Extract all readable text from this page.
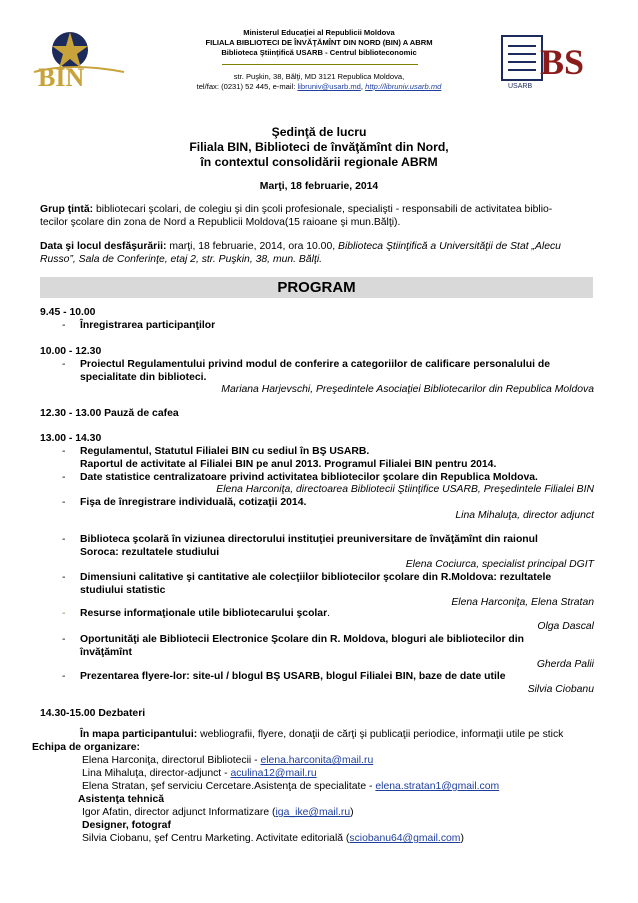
BIN
Ministerul Educaţiei al Republicii Moldova
FILIALA BIBLIOTECI DE ÎNVĂŢĂMÎNT DIN NORD (BIN) A ABRM
Biblioteca Ştiinţifică USARB - Centrul biblioteconomic
str. Puşkin, 38, Bălţi, MD 3121 Republica Moldova,
tel/fax: (0231) 52 445, e-mail: libruniv@usarb.md, http://libruniv.usarb.md
BS
USARB
Şedinţă de lucru
Filiala BIN, Biblioteci de învăţămînt din Nord,
în contextul consolidării regionale ABRM
Marţi, 18 februarie, 2014
Grup ţintă: bibliotecari şcolari, de colegiu şi din şcoli profesionale, specialişti - responsabili de activitatea biblio-
tecilor şcolare din zona de Nord a Republicii Moldova(15 raioane şi mun.Bălţi).
Data şi locul desfăşurării: marţi, 18 februarie, 2014, ora 10.00, Biblioteca Ştiinţifică a Universităţii de Stat „Alecu
Russo”, Sala de Conferinţe, etaj 2, str. Puşkin, 38, mun. Bălţi.
PROGRAM
9.45 - 10.00
- Înregistrarea participanţilor
10.00 - 12.30
- Proiectul Regulamentului privind modul de conferire a categoriilor de calificare personalului de
specialitate din biblioteci.
Mariana Harjevschi, Preşedintele Asociaţiei Bibliotecarilor din Republica Moldova
12.30 - 13.00 Pauză de cafea
13.00 - 14.30
- Regulamentul, Statutul Filialei BIN cu sediul în BŞ USARB.
Raportul de activitate al Filialei BIN pe anul 2013. Programul Filialei BIN pentru 2014.
- Date statistice centralizatoare privind activitatea bibliotecilor şcolare din Republica Moldova.
Elena Harconiţa, directoarea Bibliotecii Ştiinţifice USARB, Preşedintele Filialei BIN
- Fişa de înregistrare individuală, cotizaţii 2014.
Lina Mihaluţa, director adjunct
- Biblioteca şcolară în viziunea directorului instituţiei preuniversitare de învăţămînt din raionul
Soroca: rezultatele studiului
Elena Cociurca, specialist principal DGIT
- Dimensiuni calitative şi cantitative ale colecţiilor bibliotecilor şcolare din R.Moldova: rezultatele
studiului statistic
Elena Harconiţa, Elena Stratan
- Resurse informaţionale utile bibliotecarului şcolar.
Olga Dascal
- Oportunităţi ale Bibliotecii Electronice Şcolare din R. Moldova, bloguri ale bibliotecilor din
învăţămînt
Gherda Palii
- Prezentarea flyere-lor: site-ul / blogul BŞ USARB, blogul Filialei BIN, baze de date utile
Silvia Ciobanu
14.30-15.00 Dezbateri
În mapa participantului: webliografii, flyere, donaţii de cărţi şi publicaţii periodice, informaţii utile pe stick
Echipa de organizare:
Elena Harconiţa, directorul Bibliotecii - elena.harconita@mail.ru
Lina Mihaluţa, director-adjunct - aculina12@mail.ru
Elena Stratan, şef serviciu Cercetare.Asistenţa de specialitate - elena.stratan1@gmail.com
Asistenţa tehnică
Igor Afatin, director adjunct Informatizare (iga_ike@mail.ru)
Designer, fotograf
Silvia Ciobanu, şef Centru Marketing. Activitate editorială (sciobanu64@gmail.com)
